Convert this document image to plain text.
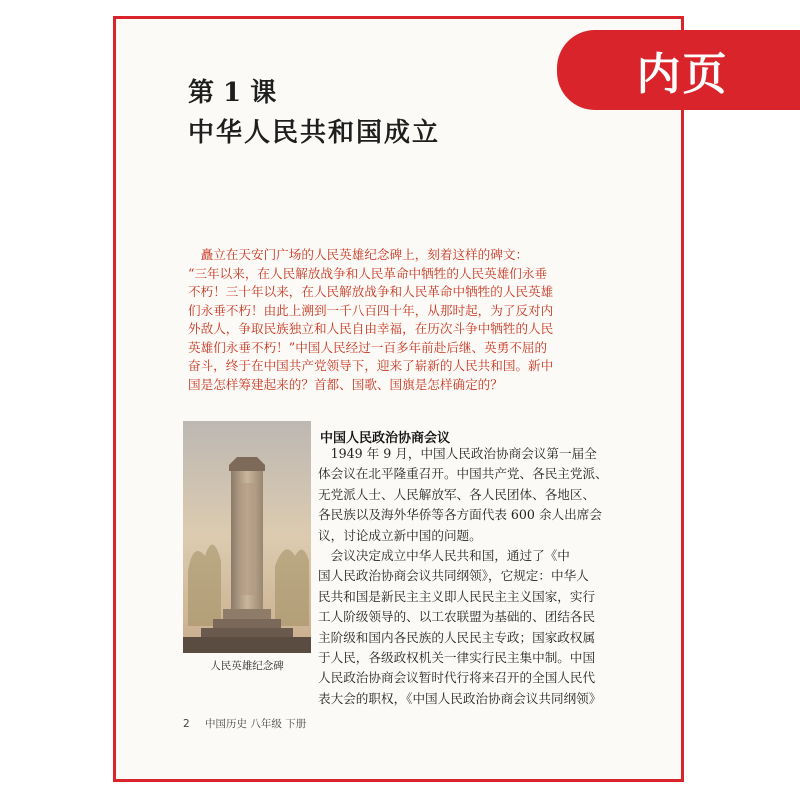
内页
第 1 课
中华人民共和国成立
　矗立在天安门广场的人民英雄纪念碑上，刻着这样的碑文：
“三年以来，在人民解放战争和人民革命中牺牲的人民英雄们永垂
不朽！三十年以来，在人民解放战争和人民革命中牺牲的人民英雄
们永垂不朽！由此上溯到一千八百四十年，从那时起，为了反对内
外敌人，争取民族独立和人民自由幸福，在历次斗争中牺牲的人民
英雄们永垂不朽！”中国人民经过一百多年前赴后继、英勇不屈的
奋斗，终于在中国共产党领导下，迎来了崭新的人民共和国。新中
国是怎样筹建起来的？首都、国歌、国旗是怎样确定的？
人民英雄纪念碑
中国人民政治协商会议
　1949 年 9 月，中国人民政治协商会议第一届全
体会议在北平隆重召开。中国共产党、各民主党派、
无党派人士、人民解放军、各人民团体、各地区、
各民族以及海外华侨等各方面代表 600 余人出席会
议，讨论成立新中国的问题。
　会议决定成立中华人民共和国，通过了《中
国人民政治协商会议共同纲领》，它规定：中华人
民共和国是新民主主义即人民民主主义国家，实行
工人阶级领导的、以工农联盟为基础的、团结各民
主阶级和国内各民族的人民民主专政；国家政权属
于人民，各级政权机关一律实行民主集中制。中国
人民政治协商会议暂时代行将来召开的全国人民代
表大会的职权，《中国人民政治协商会议共同纲领》
2 中国历史 八年级 下册
